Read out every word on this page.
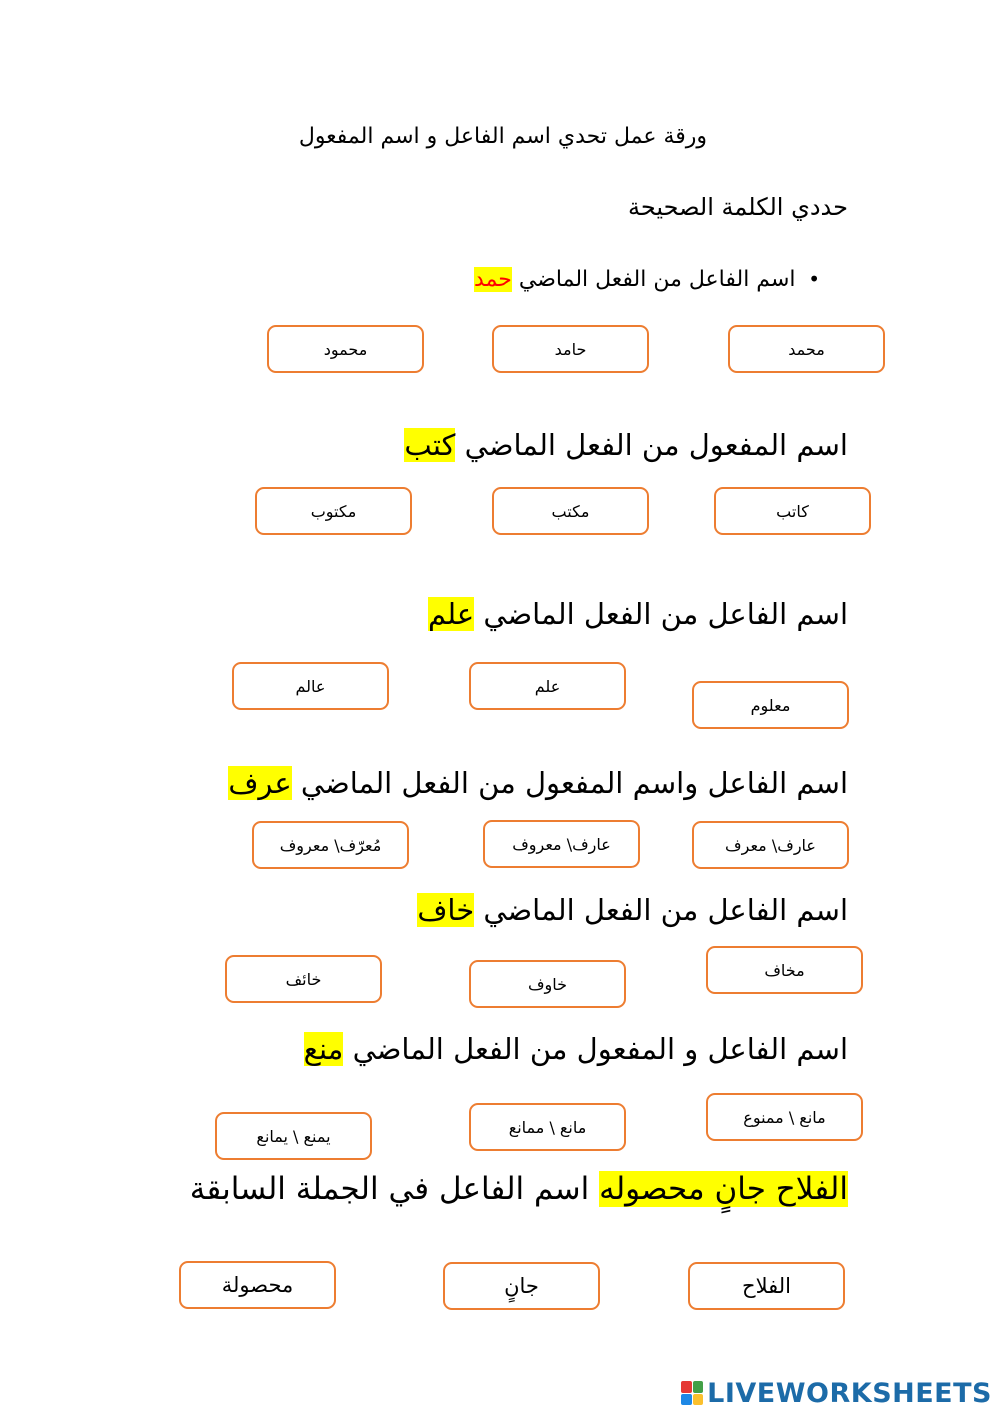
ورقة عمل تحدي اسم الفاعل و اسم المفعول
حددي الكلمة الصحيحة
•  اسم الفاعل من الفعل الماضي حمد
محمد
حامد
محمود
اسم المفعول من الفعل الماضي كتب
كاتب
مكتب
مكتوب
اسم الفاعل من الفعل الماضي علم
معلوم
علم
عالم
اسم الفاعل واسم المفعول من الفعل الماضي عرف
عارف\ معرف
عارف\ معروف
مُعرّف\ معروف
اسم الفاعل من الفعل الماضي خاف
مخاف
خاوف
خائف
اسم الفاعل و المفعول من الفعل الماضي منع
مانع \ ممنوع
مانع \ ممانع
يمنع \ يمانع
الفلاح جانٍ محصوله اسم الفاعل في الجملة السابقة
الفلاح
جانٍ
محصولة
LIVEWORKSHEETS
